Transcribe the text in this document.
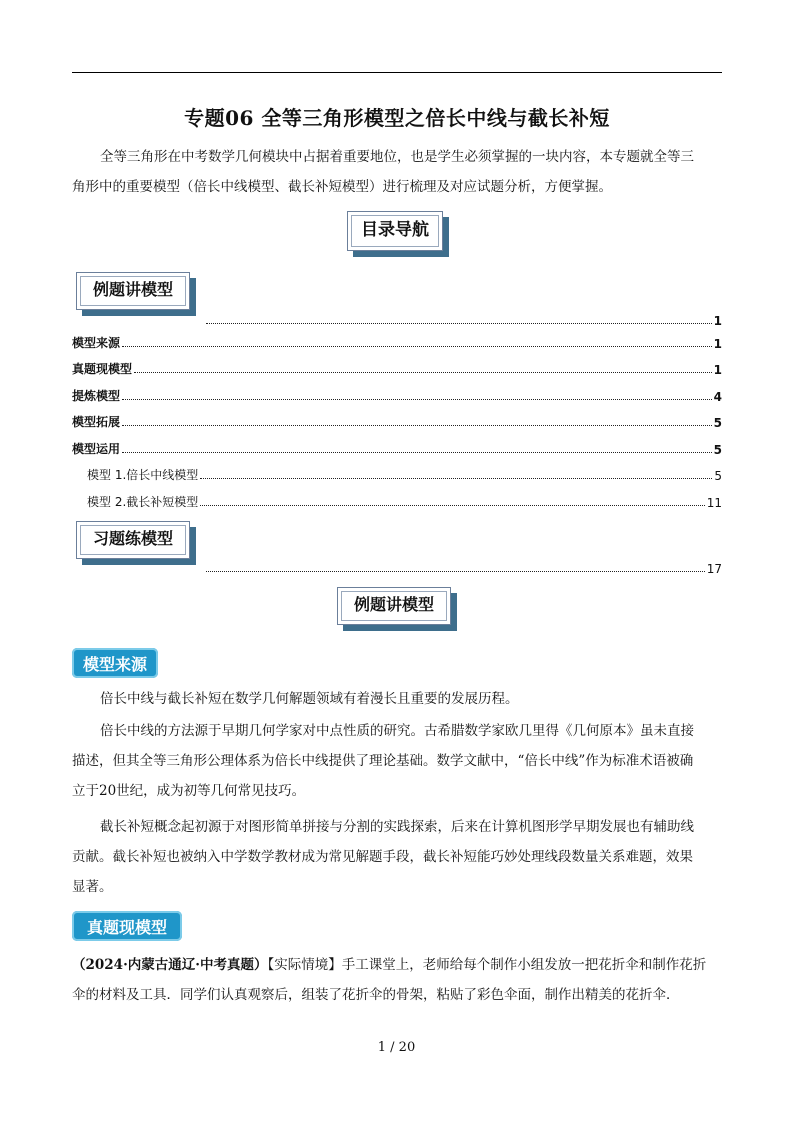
专题06 全等三角形模型之倍长中线与截长补短

全等三角形在中考数学几何模块中占据着重要地位，也是学生必须掌握的一块内容，本专题就全等三
角形中的重要模型（倍长中线模型、截长补短模型）进行梳理及对应试题分析，方便掌握。

目录导航
例题讲模型
1
模型来源	1
真题现模型	1
提炼模型	4
模型拓展	5
模型运用	5
模型 1.倍长中线模型	5
模型 2.截长补短模型	11
习题练模型
17
例题讲模型
模型来源

倍长中线与截长补短在数学几何解题领域有着漫长且重要的发展历程。

倍长中线的方法源于早期几何学家对中点性质的研究。古希腊数学家欧几里得《几何原本》虽未直接
描述，但其全等三角形公理体系为倍长中线提供了理论基础。数学文献中，“倍长中线”作为标准术语被确
立于20世纪，成为初等几何常见技巧。

截长补短概念起初源于对图形简单拼接与分割的实践探索，后来在计算机图形学早期发展也有辅助线
贡献。截长补短也被纳入中学数学教材成为常见解题手段，截长补短能巧妙处理线段数量关系难题，效果
显著。

真题现模型

（2024·内蒙古通辽·中考真题）【实际情境】手工课堂上，老师给每个制作小组发放一把花折伞和制作花折
伞的材料及工具．同学们认真观察后，组装了花折伞的骨架，粘贴了彩色伞面，制作出精美的花折伞．

1 / 20
